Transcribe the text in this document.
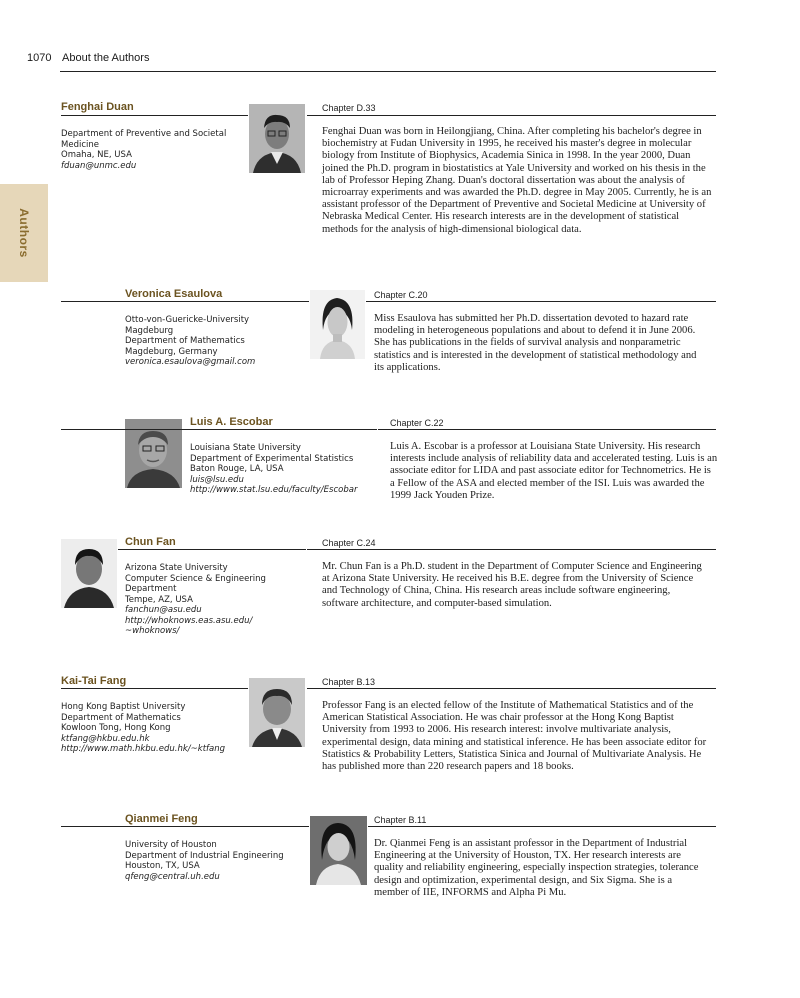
1070 About the Authors
Authors
Fenghai Duan	Chapter D.33
Department of Preventive and Societal
Medicine
Omaha, NE, USA
fduan@unmc.edu
Fenghai Duan was born in Heilongjiang, China. After completing his bachelor's degree in biochemistry at Fudan University in 1995, he received his master's degree in molecular biology from Institute of Biophysics, Academia Sinica in 1998. In the year 2000, Duan joined the Ph.D. program in biostatistics at Yale University and worked on his thesis in the lab of Professor Heping Zhang. Duan's doctoral dissertation was about the analysis of microarray experiments and was awarded the Ph.D. degree in May 2005. Currently, he is an assistant professor of the Department of Preventive and Societal Medicine at University of Nebraska Medical Center. His research interests are in the development of statistical methods for the analysis of high-dimensional biological data.
Veronica Esaulova	Chapter C.20
Otto-von-Guericke-University
Magdeburg
Department of Mathematics
Magdeburg, Germany
veronica.esaulova@gmail.com
Miss Esaulova has submitted her Ph.D. dissertation devoted to hazard rate modeling in heterogeneous populations and about to defend it in June 2006. She has publications in the fields of survival analysis and nonparametric statistics and is interested in the development of statistical methodology and its applications.
Luis A. Escobar	Chapter C.22
Louisiana State University
Department of Experimental Statistics
Baton Rouge, LA, USA
luis@lsu.edu
http://www.stat.lsu.edu/faculty/Escobar
Luis A. Escobar is a professor at Louisiana State University. His research interests include analysis of reliability data and accelerated testing. Luis is an associate editor for LIDA and past associate editor for Technometrics. He is a Fellow of the ASA and elected member of the ISI. Luis was awarded the 1999 Jack Youden Prize.
Chun Fan	Chapter C.24
Arizona State University
Computer Science & Engineering
Department
Tempe, AZ, USA
fanchun@asu.edu
http://whoknows.eas.asu.edu/
~whoknows/
Mr. Chun Fan is a Ph.D. student in the Department of Computer Science and Engineering at Arizona State University. He received his B.E. degree from the University of Science and Technology of China, China. His research areas include software engineering, software architecture, and computer-based simulation.
Kai-Tai Fang	Chapter B.13
Hong Kong Baptist University
Department of Mathematics
Kowloon Tong, Hong Kong
ktfang@hkbu.edu.hk
http://www.math.hkbu.edu.hk/~ktfang
Professor Fang is an elected fellow of the Institute of Mathematical Statistics and of the American Statistical Association. He was chair professor at the Hong Kong Baptist University from 1993 to 2006. His research interest: involve multivariate analysis, experimental design, data mining and statistical inference. He has been associate editor for Statistics & Probability Letters, Statistica Sinica and Journal of Multivariate Analysis. He has published more than 220 research papers and 18 books.
Qianmei Feng	Chapter B.11
University of Houston
Department of Industrial Engineering
Houston, TX, USA
qfeng@central.uh.edu
Dr. Qianmei Feng is an assistant professor in the Department of Industrial Engineering at the University of Houston, TX. Her research interests are quality and reliability engineering, especially inspection strategies, tolerance design and optimization, experimental design, and Six Sigma. She is a member of IIE, INFORMS and Alpha Pi Mu.
